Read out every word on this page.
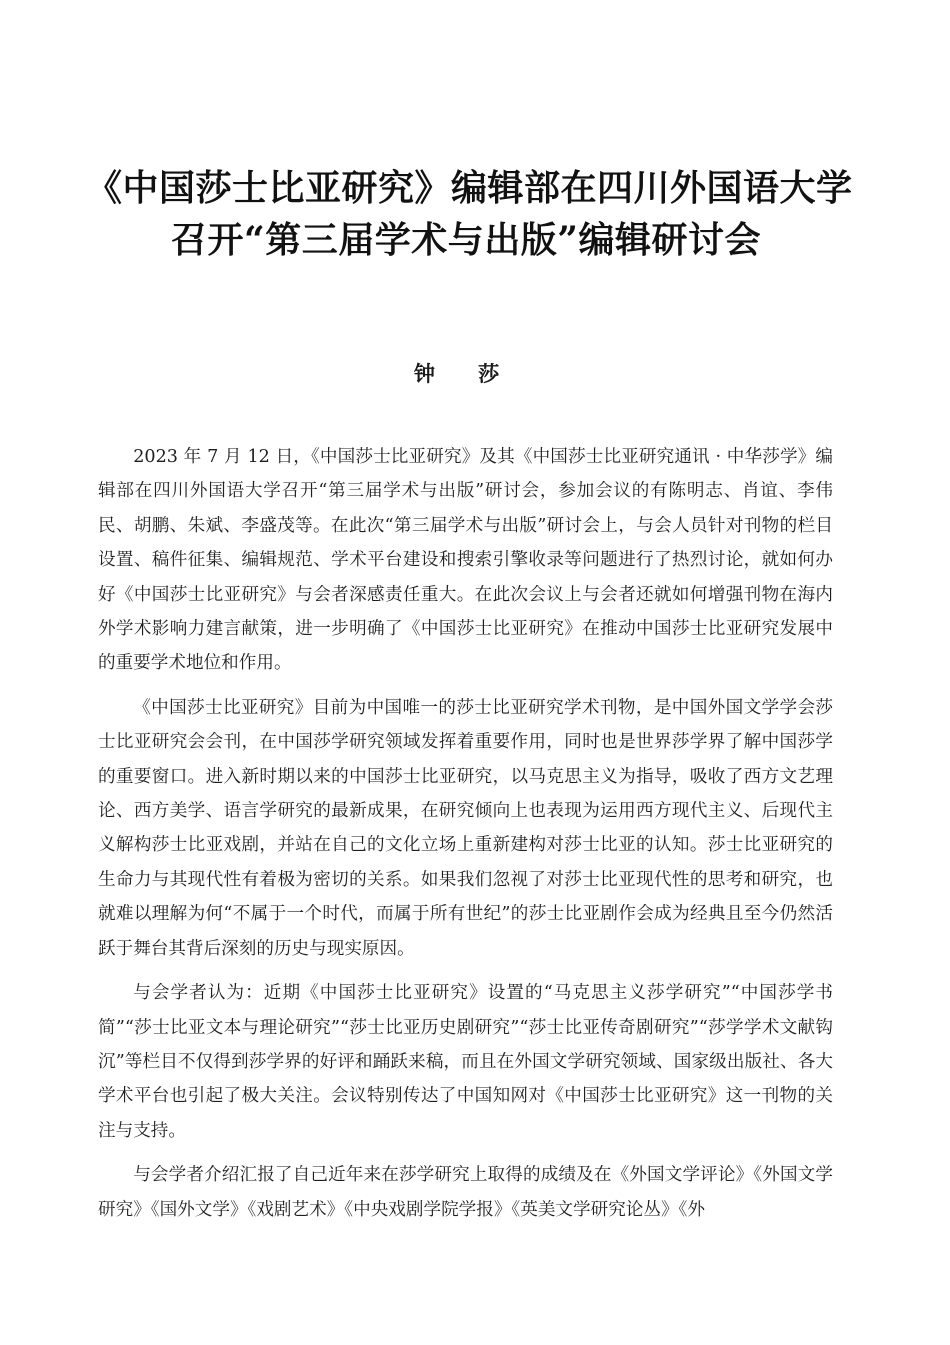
《中国莎士比亚研究》编辑部在四川外国语大学
召开“第三届学术与出版”编辑研讨会
钟 莎

2023 年 7 月 12 日，《中国莎士比亚研究》及其《中国莎士比亚研究通讯 · 中华莎学》编辑部在四川外国语大学召开“第三届学术与出版”研讨会，参加会议的有陈明志、肖谊、李伟民、胡鹏、朱斌、李盛茂等。在此次“第三届学术与出版”研讨会上，与会人员针对刊物的栏目设置、稿件征集、编辑规范、学术平台建设和搜索引擎收录等问题进行了热烈讨论，就如何办好《中国莎士比亚研究》与会者深感责任重大。在此次会议上与会者还就如何增强刊物在海内外学术影响力建言献策，进一步明确了《中国莎士比亚研究》在推动中国莎士比亚研究发展中的重要学术地位和作用。

《中国莎士比亚研究》目前为中国唯一的莎士比亚研究学术刊物，是中国外国文学学会莎士比亚研究会会刊，在中国莎学研究领域发挥着重要作用，同时也是世界莎学界了解中国莎学的重要窗口。进入新时期以来的中国莎士比亚研究，以马克思主义为指导，吸收了西方文艺理论、西方美学、语言学研究的最新成果，在研究倾向上也表现为运用西方现代主义、后现代主义解构莎士比亚戏剧，并站在自己的文化立场上重新建构对莎士比亚的认知。莎士比亚研究的生命力与其现代性有着极为密切的关系。如果我们忽视了对莎士比亚现代性的思考和研究，也就难以理解为何“不属于一个时代，而属于所有世纪”的莎士比亚剧作会成为经典且至今仍然活跃于舞台其背后深刻的历史与现实原因。

与会学者认为：近期《中国莎士比亚研究》设置的“马克思主义莎学研究”“中国莎学书简”“莎士比亚文本与理论研究”“莎士比亚历史剧研究”“莎士比亚传奇剧研究”“莎学学术文献钩沉”等栏目不仅得到莎学界的好评和踊跃来稿，而且在外国文学研究领域、国家级出版社、各大学术平台也引起了极大关注。会议特别传达了中国知网对《中国莎士比亚研究》这一刊物的关注与支持。

与会学者介绍汇报了自己近年来在莎学研究上取得的成绩及在《外国文学评论》《外国文学研究》《国外文学》《戏剧艺术》《中央戏剧学院学报》《英美文学研究论丛》《外
